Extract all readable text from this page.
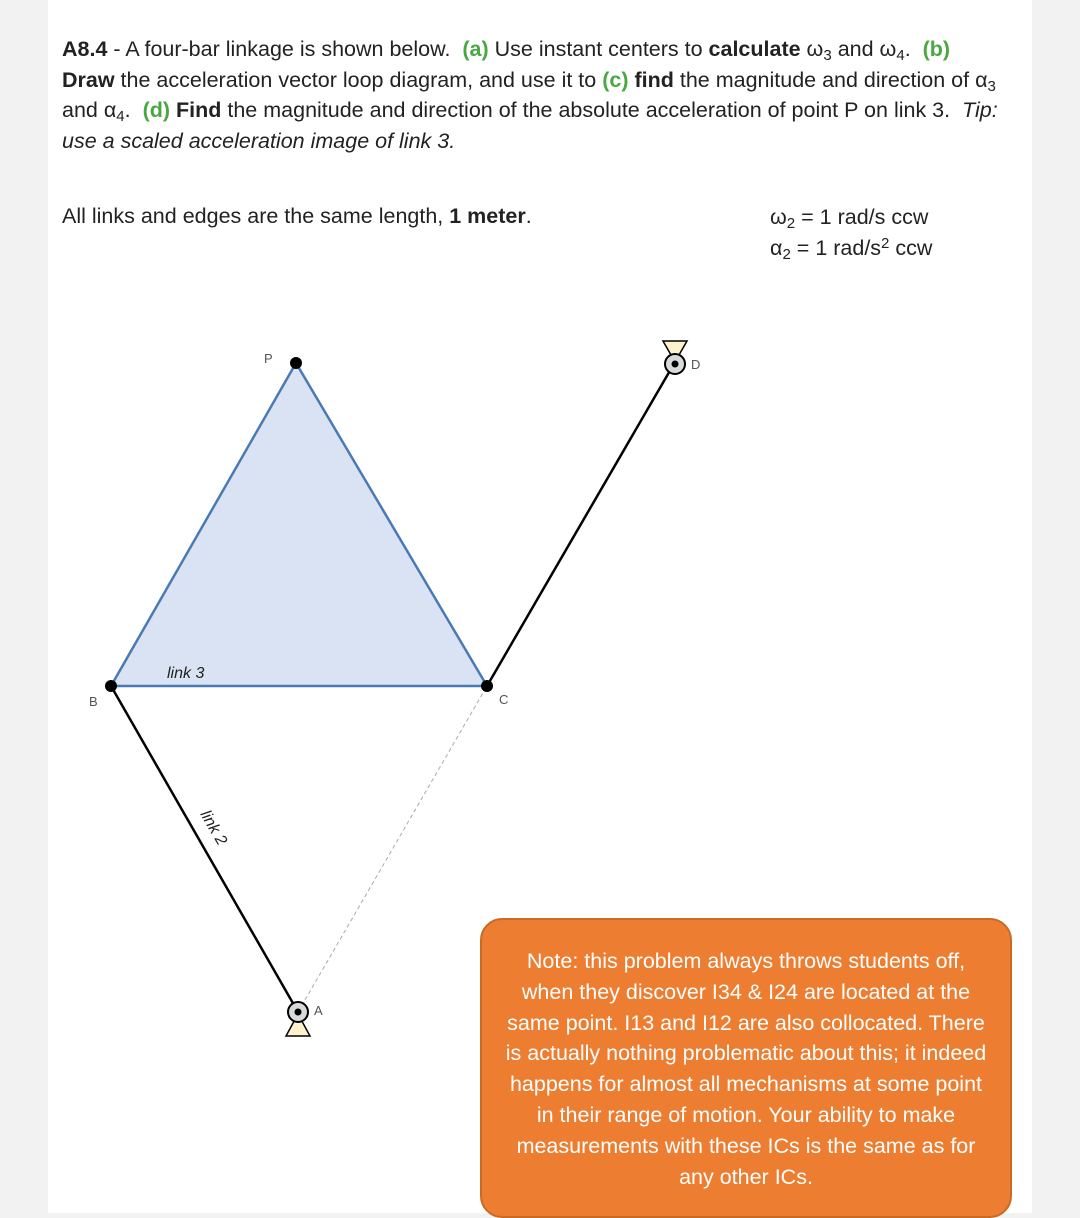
A8.4 - A four-bar linkage is shown below. (a) Use instant centers to calculate $\omega_3$ and $\omega_4$. (b)
Draw the acceleration vector loop diagram, and use it to (c) find the magnitude and direction of $\alpha_3$ and $\alpha_4$. (d) Find the magnitude and direction of the absolute acceleration of point P on link 3. Tip: use a scaled acceleration image of link 3.
All links and edges are the same length, 1 meter.	$\omega_2 = 1$ rad/s ccw
$\alpha_2 = 1$ rad/$s^2$ ccw
P
B	C
D
A
link 3
link 2
Note: this problem always throws students off, when they discover I34 & I24 are located at the same point. I13 and I12 are also collocated. There is actually nothing problematic about this; it indeed happens for almost all mechanisms at some point in their range of motion. Your ability to make measurements with these ICs is the same as for any other ICs.
